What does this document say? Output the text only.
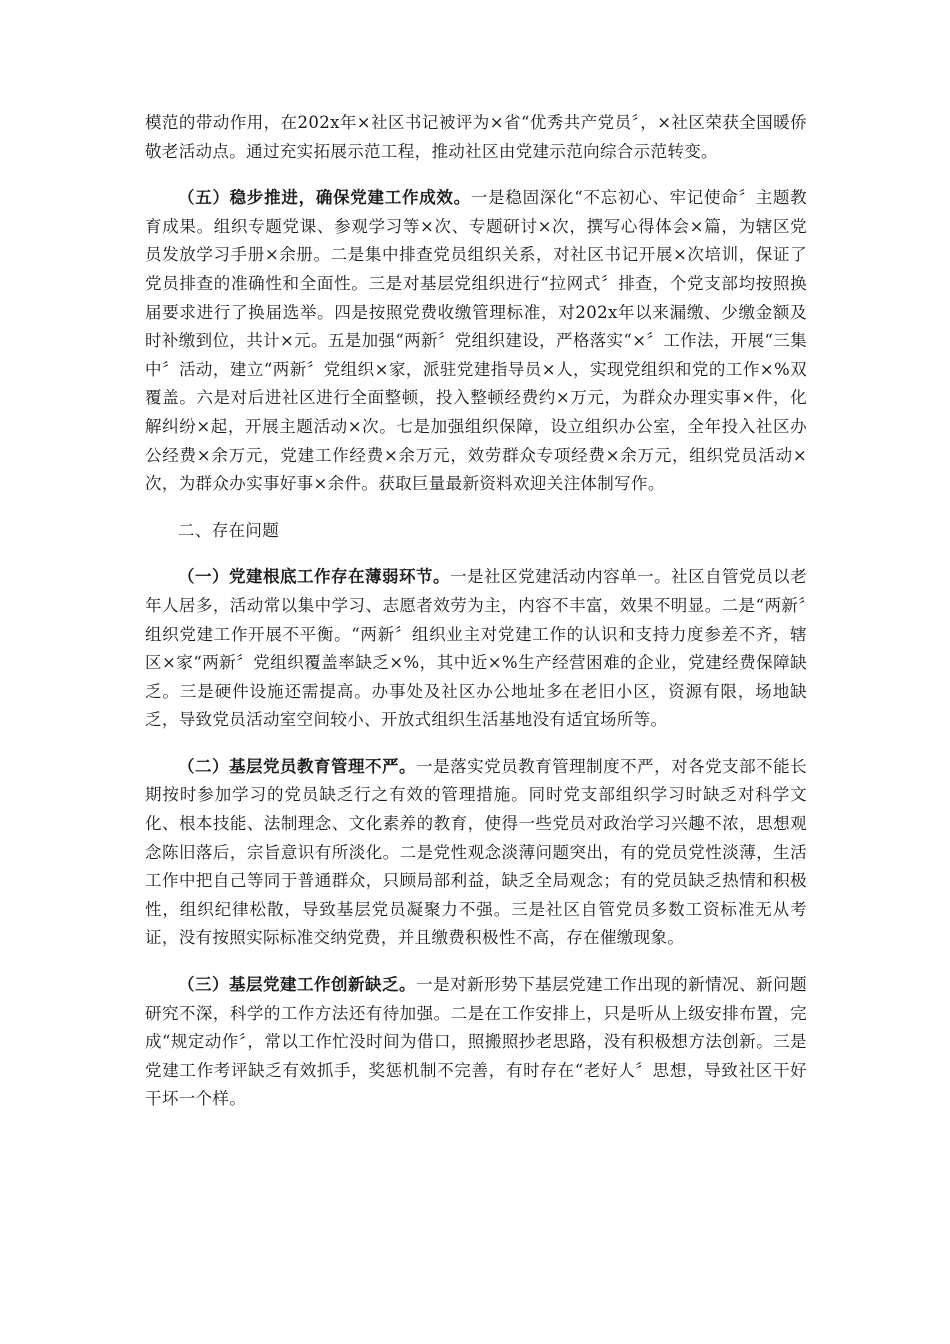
模范的带动作用，在202x年×社区书记被评为×省“优秀共产党员〞，×社区荣获全国暖侨敬老活动点。通过充实拓展示范工程，推动社区由党建示范向综合示范转变。

（五）稳步推进，确保党建工作成效。一是稳固深化“不忘初心、牢记使命〞主题教育成果。组织专题党课、参观学习等×次、专题研讨×次，撰写心得体会×篇，为辖区党员发放学习手册×余册。二是集中排查党员组织关系，对社区书记开展×次培训，保证了党员排查的准确性和全面性。三是对基层党组织进行“拉网式〞排查，个党支部均按照换届要求进行了换届选举。四是按照党费收缴管理标准，对202x年以来漏缴、少缴金额及时补缴到位，共计×元。五是加强“两新〞党组织建设，严格落实“×〞工作法，开展“三集中〞活动，建立“两新〞党组织×家，派驻党建指导员×人，实现党组织和党的工作×%双覆盖。六是对后进社区进行全面整顿，投入整顿经费约×万元，为群众办理实事×件，化解纠纷×起，开展主题活动×次。七是加强组织保障，设立组织办公室，全年投入社区办公经费×余万元，党建工作经费×余万元，效劳群众专项经费×余万元，组织党员活动×次，为群众办实事好事×余件。获取巨量最新资料欢迎关注体制写作。

二、存在问题

（一）党建根底工作存在薄弱环节。一是社区党建活动内容单一。社区自管党员以老年人居多，活动常以集中学习、志愿者效劳为主，内容不丰富，效果不明显。二是“两新〞组织党建工作开展不平衡。“两新〞组织业主对党建工作的认识和支持力度参差不齐，辖区×家“两新〞党组织覆盖率缺乏×%，其中近×%生产经营困难的企业，党建经费保障缺乏。三是硬件设施还需提高。办事处及社区办公地址多在老旧小区，资源有限，场地缺乏，导致党员活动室空间较小、开放式组织生活基地没有适宜场所等。

（二）基层党员教育管理不严。一是落实党员教育管理制度不严，对各党支部不能长期按时参加学习的党员缺乏行之有效的管理措施。同时党支部组织学习时缺乏对科学文化、根本技能、法制理念、文化素养的教育，使得一些党员对政治学习兴趣不浓，思想观念陈旧落后，宗旨意识有所淡化。二是党性观念淡薄问题突出，有的党员党性淡薄，生活工作中把自己等同于普通群众，只顾局部利益，缺乏全局观念；有的党员缺乏热情和积极性，组织纪律松散，导致基层党员凝聚力不强。三是社区自管党员多数工资标准无从考证，没有按照实际标准交纳党费，并且缴费积极性不高，存在催缴现象。

（三）基层党建工作创新缺乏。一是对新形势下基层党建工作出现的新情况、新问题研究不深，科学的工作方法还有待加强。二是在工作安排上，只是听从上级安排布置，完成“规定动作〞，常以工作忙没时间为借口，照搬照抄老思路，没有积极想方法创新。三是党建工作考评缺乏有效抓手，奖惩机制不完善，有时存在“老好人〞思想，导致社区干好干坏一个样。
